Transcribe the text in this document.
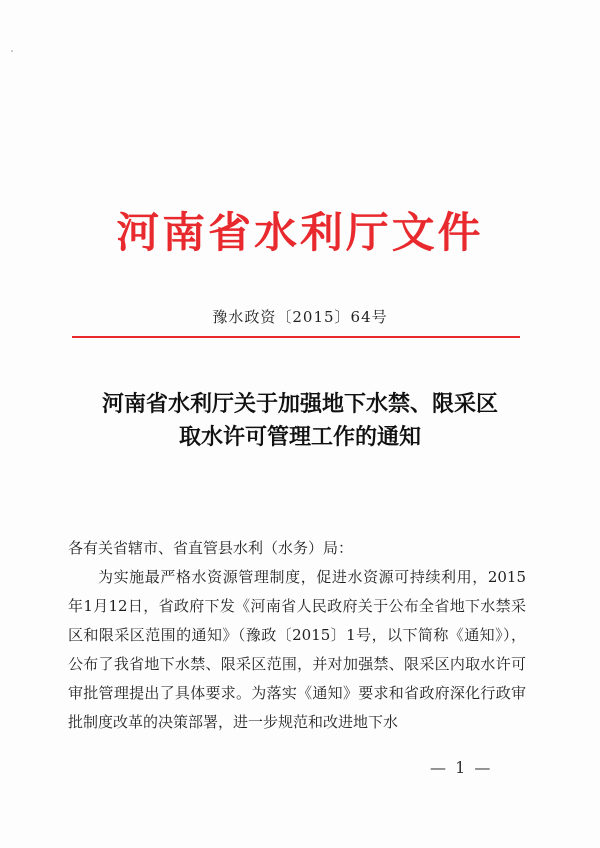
河南省水利厅文件
豫水政资〔2015〕64号
河南省水利厅关于加强地下水禁、限采区
取水许可管理工作的通知

各有关省辖市、省直管县水利（水务）局：

为实施最严格水资源管理制度，促进水资源可持续利用，2015年1月12日，省政府下发《河南省人民政府关于公布全省地下水禁采区和限采区范围的通知》（豫政〔2015〕1号，以下简称《通知》），公布了我省地下水禁、限采区范围，并对加强禁、限采区内取水许可审批管理提出了具体要求。为落实《通知》要求和省政府深化行政审批制度改革的决策部署，进一步规范和改进地下水

— 1 —
